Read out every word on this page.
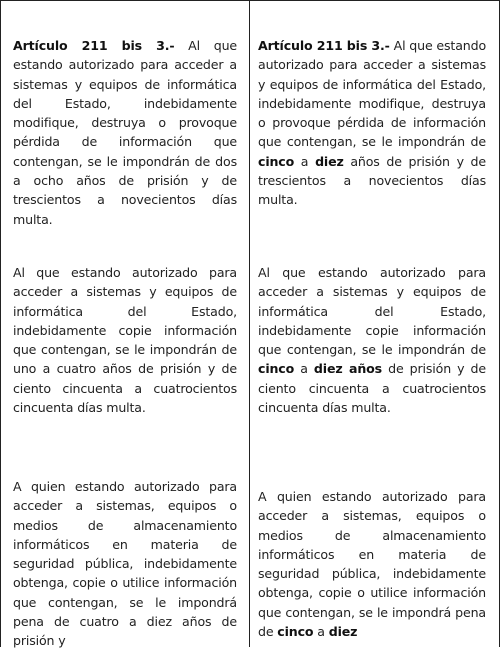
Artículo 211 bis 3.- Al que estando autorizado para acceder a sistemas y equipos de informática del Estado, indebidamente modifique, destruya o provoque pérdida de información que contengan, se le impondrán de dos a ocho años de prisión y de trescientos a novecientos días multa.

Al que estando autorizado para acceder a sistemas y equipos de informática del Estado, indebidamente copie información que contengan, se le impondrán de uno a cuatro años de prisión y de ciento cincuenta a cuatrocientos cincuenta días multa.

A quien estando autorizado para acceder a sistemas, equipos o medios de almacenamiento informáticos en materia de seguridad pública, indebidamente obtenga, copie o utilice información que contengan, se le impondrá pena de cuatro a diez años de prisión y

Artículo 211 bis 3.- Al que estando autorizado para acceder a sistemas y equipos de informática del Estado, indebidamente modifique, destruya o provoque pérdida de información que contengan, se le impondrán de cinco a diez años de prisión y de trescientos a novecientos días multa.

Al que estando autorizado para acceder a sistemas y equipos de informática del Estado, indebidamente copie información que contengan, se le impondrán de cinco a diez años de prisión y de ciento cincuenta a cuatrocientos cincuenta días multa.

A quien estando autorizado para acceder a sistemas, equipos o medios de almacenamiento informáticos en materia de seguridad pública, indebidamente obtenga, copie o utilice información que contengan, se le impondrá pena de cinco a diez
